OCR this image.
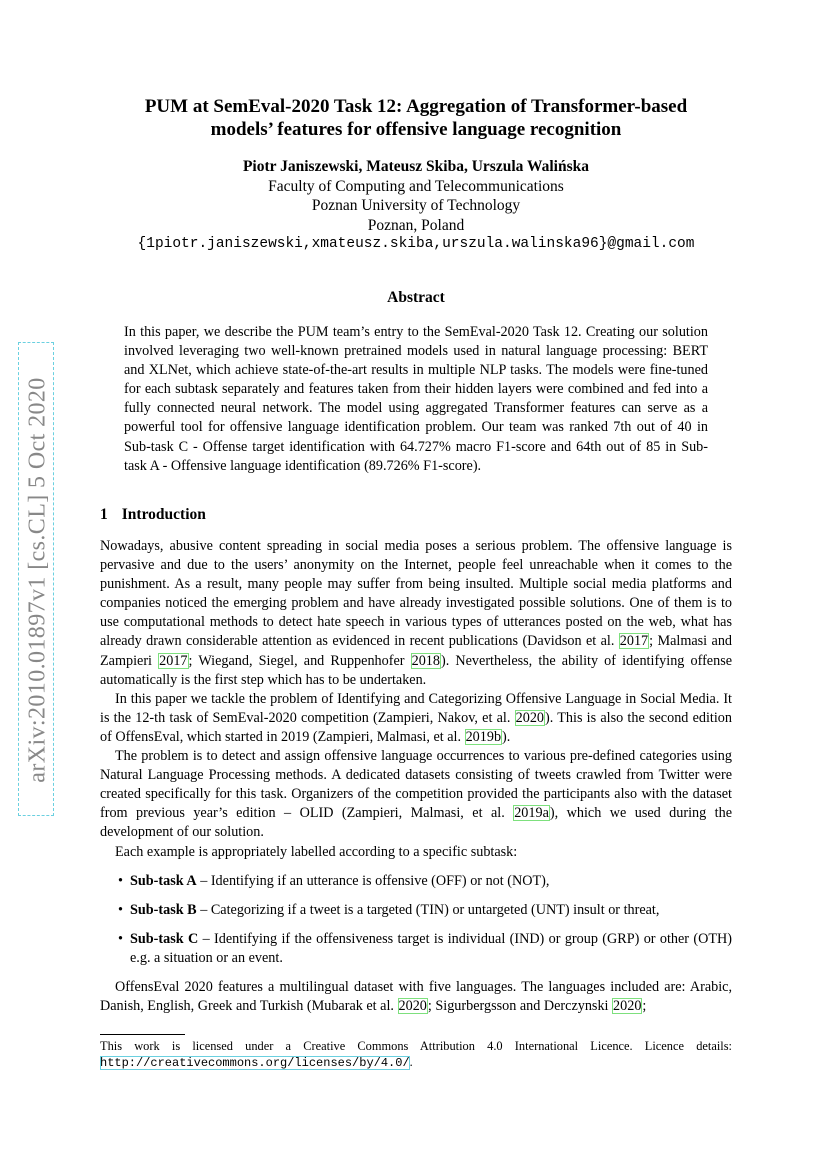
arXiv:2010.01897v1 [cs.CL] 5 Oct 2020
PUM at SemEval-2020 Task 12: Aggregation of Transformer-based
models’ features for offensive language recognition
Piotr Janiszewski, Mateusz Skiba, Urszula Walińska
Faculty of Computing and Telecommunications
Poznan University of Technology
Poznan, Poland
{1piotr.janiszewski,xmateusz.skiba,urszula.walinska96}@gmail.com
Abstract
In this paper, we describe the PUM team’s entry to the SemEval-2020 Task 12. Creating our solution involved leveraging two well-known pretrained models used in natural language processing: BERT and XLNet, which achieve state-of-the-art results in multiple NLP tasks. The models were fine-tuned for each subtask separately and features taken from their hidden layers were combined and fed into a fully connected neural network. The model using aggregated Transformer features can serve as a powerful tool for offensive language identification problem. Our team was ranked 7th out of 40 in Sub-task C - Offense target identification with 64.727% macro F1-score and 64th out of 85 in Sub-task A - Offensive language identification (89.726% F1-score).
1 Introduction

Nowadays, abusive content spreading in social media poses a serious problem. The offensive language is pervasive and due to the users’ anonymity on the Internet, people feel unreachable when it comes to the punishment. As a result, many people may suffer from being insulted. Multiple social media platforms and companies noticed the emerging problem and have already investigated possible solutions. One of them is to use computational methods to detect hate speech in various types of utterances posted on the web, what has already drawn considerable attention as evidenced in recent publications (Davidson et al. 2017; Malmasi and Zampieri 2017; Wiegand, Siegel, and Ruppenhofer 2018). Nevertheless, the ability of identifying offense automatically is the first step which has to be undertaken.

In this paper we tackle the problem of Identifying and Categorizing Offensive Language in Social Media. It is the 12-th task of SemEval-2020 competition (Zampieri, Nakov, et al. 2020). This is also the second edition of OffensEval, which started in 2019 (Zampieri, Malmasi, et al. 2019b).

The problem is to detect and assign offensive language occurrences to various pre-defined categories using Natural Language Processing methods. A dedicated datasets consisting of tweets crawled from Twitter were created specifically for this task. Organizers of the competition provided the participants also with the dataset from previous year’s edition – OLID (Zampieri, Malmasi, et al. 2019a), which we used during the development of our solution.

Each example is appropriately labelled according to a specific subtask:

• Sub-task A – Identifying if an utterance is offensive (OFF) or not (NOT),
• Sub-task B – Categorizing if a tweet is a targeted (TIN) or untargeted (UNT) insult or threat,
• Sub-task C – Identifying if the offensiveness target is individual (IND) or group (GRP) or other (OTH) e.g. a situation or an event.

OffensEval 2020 features a multilingual dataset with five languages. The languages included are: Arabic, Danish, English, Greek and Turkish (Mubarak et al. 2020; Sigurbergsson and Derczynski 2020;

This work is licensed under a Creative Commons Attribution 4.0 International Licence. Licence details: http://creativecommons.org/licenses/by/4.0/.
